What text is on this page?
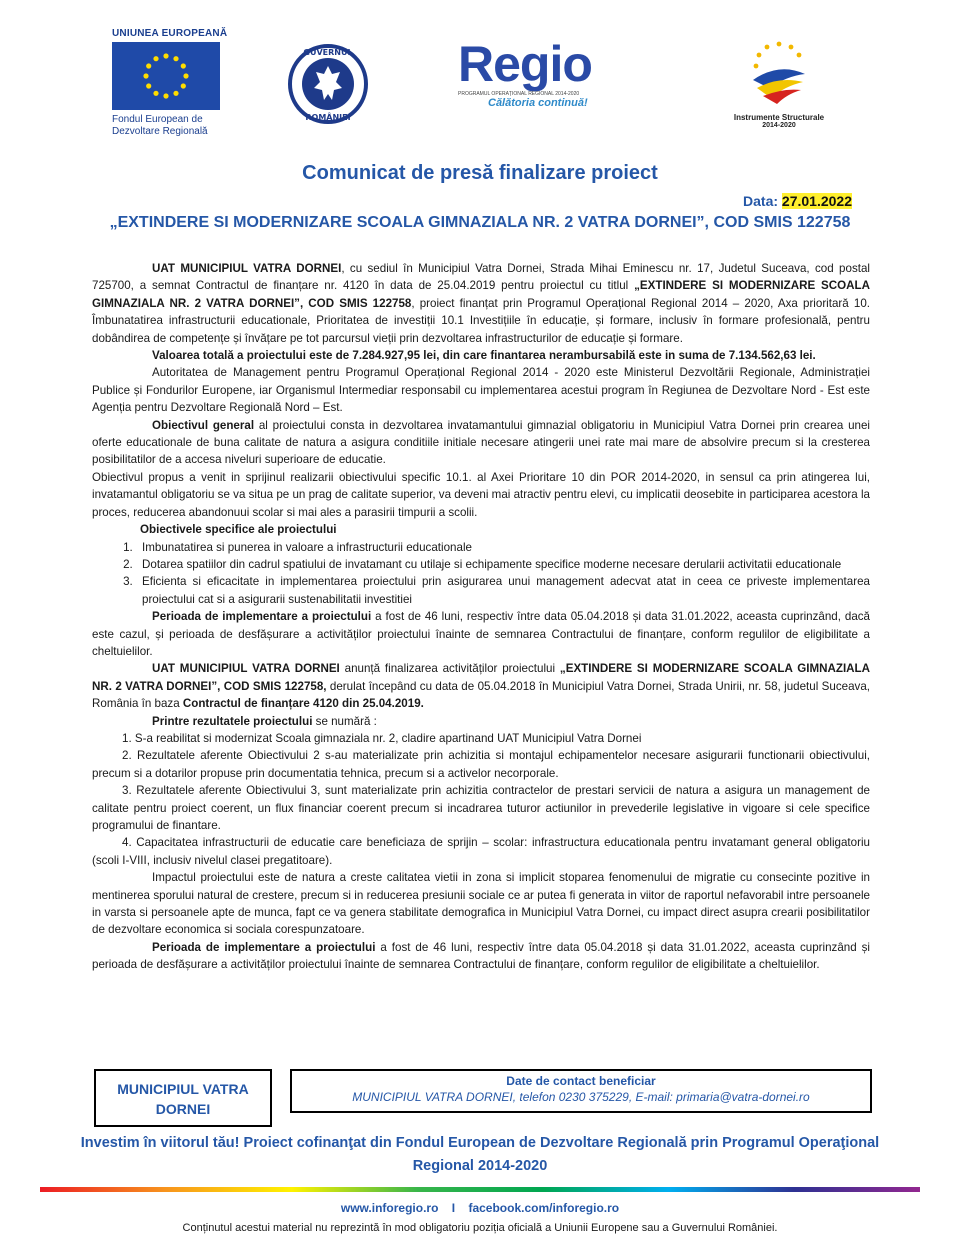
UNIUNEA EUROPEANĂ
Fondul European de
Dezvoltare Regională
GUVERNUL
ROMÂNIEI
Regio
PROGRAMUL OPERAȚIONAL REGIONAL 2014-2020
Călătoria continuă!
Instrumente Structurale
2014-2020
Comunicat de presă finalizare proiect
Data: 27.01.2022
„EXTINDERE SI MODERNIZARE SCOALA GIMNAZIALA NR. 2 VATRA DORNEI”, COD SMIS 122758

UAT MUNICIPIUL VATRA DORNEI, cu sediul în Municipiul Vatra Dornei, Strada Mihai Eminescu nr. 17, Judetul Suceava, cod postal 725700, a semnat Contractul de finanțare nr. 4120 în data de 25.04.2019 pentru proiectul cu titlul „EXTINDERE SI MODERNIZARE SCOALA GIMNAZIALA NR. 2 VATRA DORNEI”, COD SMIS 122758, proiect finanțat prin Programul Operațional Regional 2014 – 2020, Axa prioritară 10. Îmbunatatirea infrastructurii educationale, Prioritatea de investiții 10.1 Investițiile în educație, și formare, inclusiv în formare profesională, pentru dobândirea de competențe și învățare pe tot parcursul vieții prin dezvoltarea infrastructurilor de educație și formare.

Valoarea totală a proiectului este de 7.284.927,95 lei, din care finantarea nerambursabilă este in suma de 7.134.562,63 lei.

Autoritatea de Management pentru Programul Operațional Regional 2014 - 2020 este Ministerul Dezvoltării Regionale, Administrației Publice și Fondurilor Europene, iar Organismul Intermediar responsabil cu implementarea acestui program în Regiunea de Dezvoltare Nord - Est este Agenția pentru Dezvoltare Regională Nord – Est.

Obiectivul general al proiectului consta in dezvoltarea invatamantului gimnazial obligatoriu in Municipiul Vatra Dornei prin crearea unei oferte educationale de buna calitate de natura a asigura conditiile initiale necesare atingerii unei rate mai mare de absolvire precum si la cresterea posibilitatilor de a accesa niveluri superioare de educatie.

Obiectivul propus a venit in sprijinul realizarii obiectivului specific 10.1. al Axei Prioritare 10 din POR 2014-2020, in sensul ca prin atingerea lui, invatamantul obligatoriu se va situa pe un prag de calitate superior, va deveni mai atractiv pentru elevi, cu implicatii deosebite in participarea acestora la proces, reducerea abandonuui scolar si mai ales a parasirii timpurii a scolii.

Obiectivele specifice ale proiectului

1. Imbunatatirea si punerea in valoare a infrastructurii educationale
2. Dotarea spatiilor din cadrul spatiului de invatamant cu utilaje si echipamente specifice moderne necesare derularii activitatii educationale
3. Eficienta si eficacitate in implementarea proiectului prin asigurarea unui management adecvat atat in ceea ce priveste implementarea proiectului cat si a asigurarii sustenabilitatii investitiei

Perioada de implementare a proiectului a fost de 46 luni, respectiv între data 05.04.2018 și data 31.01.2022, aceasta cuprinzând, dacă este cazul, și perioada de desfășurare a activităților proiectului înainte de semnarea Contractului de finanțare, conform regulilor de eligibilitate a cheltuielilor.

UAT MUNICIPIUL VATRA DORNEI anunță finalizarea activităților proiectului „EXTINDERE SI MODERNIZARE SCOALA GIMNAZIALA NR. 2 VATRA DORNEI”, COD SMIS 122758, derulat începând cu data de 05.04.2018 în Municipiul Vatra Dornei, Strada Unirii, nr. 58, judetul Suceava, România în baza Contractul de finanțare 4120 din 25.04.2019.

Printre rezultatele proiectului se numără :

1. S-a reabilitat si modernizat Scoala gimnaziala nr. 2, cladire apartinand UAT Municipiul Vatra Dornei

2. Rezultatele aferente Obiectivului 2 s-au materializate prin achizitia si montajul echipamentelor necesare asigurarii functionarii obiectivului, precum si a dotarilor propuse prin documentatia tehnica, precum si a activelor necorporale.

3. Rezultatele aferente Obiectivului 3, sunt materializate prin achizitia contractelor de prestari servicii de natura a asigura un management de calitate pentru proiect coerent, un flux financiar coerent precum si incadrarea tuturor actiunilor in prevederile legislative in vigoare si cele specifice programului de finantare.

4. Capacitatea infrastructurii de educatie care beneficiaza de sprijin – scolar: infrastructura educationala pentru invatamant general obligatoriu (scoli I-VIII, inclusiv nivelul clasei pregatitoare).

Impactul proiectului este de natura a creste calitatea vietii in zona si implicit stoparea fenomenului de migratie cu consecinte pozitive in mentinerea sporului natural de crestere, precum si in reducerea presiunii sociale ce ar putea fi generata in viitor de raportul nefavorabil intre persoanele in varsta si persoanele apte de munca, fapt ce va genera stabilitate demografica in Municipiul Vatra Dornei, cu impact direct asupra crearii posibilitatilor de dezvoltare economica si sociala corespunzatoare.

Perioada de implementare a proiectului a fost de 46 luni, respectiv între data 05.04.2018 și data 31.01.2022, aceasta cuprinzând și perioada de desfășurare a activităților proiectului înainte de semnarea Contractului de finanțare, conform regulilor de eligibilitate a cheltuielilor.

MUNICIPIUL VATRA
DORNEI
Date de contact beneficiar
MUNICIPIUL VATRA DORNEI, telefon 0230 375229, E-mail: primaria@vatra-dornei.ro
Investim în viitorul tău! Proiect cofinanţat din Fondul European de Dezvoltare Regională prin Programul Operaţional Regional 2014-2020
www.inforegio.ro I facebook.com/inforegio.ro
Conținutul acestui material nu reprezintă în mod obligatoriu poziția oficială a Uniunii Europene sau a Guvernului României.
